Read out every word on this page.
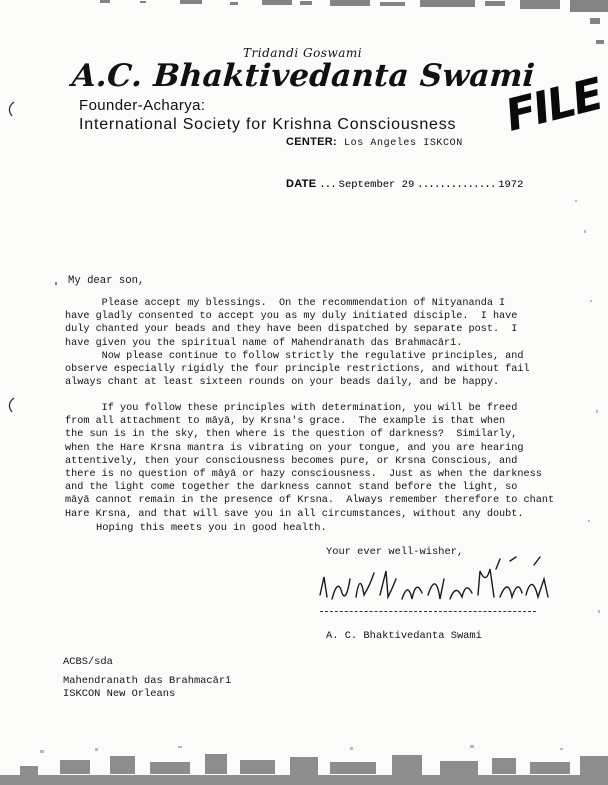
Tridandi Goswami
A.C. Bhaktivedanta Swami
Founder-Acharya:
International Society for Krishna Consciousness
CENTER: Los Angeles ISKCON
FILE
DATE ... September 29 .............. 1972
My dear son,
Please accept my blessings.  On the recommendation of Nityananda I
have gladly consented to accept you as my duly initiated disciple.  I have
duly chanted your beads and they have been dispatched by separate post.  I
have given you the spiritual name of Mahendranath das Brahmacārī.
Now please continue to follow strictly the regulative principles, and
observe especially rigidly the four principle restrictions, and without fail
always chant at least sixteen rounds on your beads daily, and be happy.
If you follow these principles with determination, you will be freed
from all attachment to māyā, by Krsna's grace.  The example is that when
the sun is in the sky, then where is the question of darkness?  Similarly,
when the Hare Krsna mantra is vibrating on your tongue, and you are hearing
attentively, then your consciousness becomes pure, or Krsna Conscious, and
there is no question of māyā or hazy consciousness.  Just as when the darkness
and the light come together the darkness cannot stand before the light, so
māyā cannot remain in the presence of Krsna.  Always remember therefore to chant
Hare Krsna, and that will save you in all circumstances, without any doubt.
Hoping this meets you in good health.
Your ever well-wisher,
A. C. Bhaktivedanta Swami
ACBS/sda
Mahendranath das Brahmacārī
ISKCON New Orleans
